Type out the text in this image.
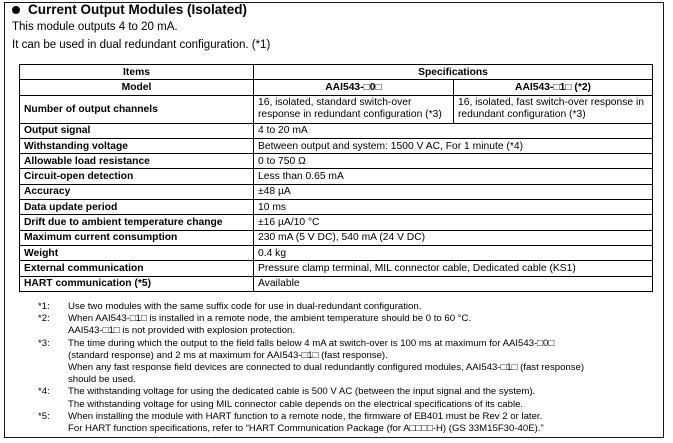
Current Output Modules (Isolated)
This module outputs 4 to 20 mA.
It can be used in dual redundant configuration. (*1)
Items	Specifications	
Model	AAI543-□0□	AAI543-□1□ (*2)
Number of output channels	16, isolated, standard switch-over response in redundant configuration (*3)	16, isolated, fast switch-over response in redundant configuration (*3)
Output signal	4 to 20 mA	
Withstanding voltage	Between output and system: 1500 V AC, For 1 minute (*4)	
Allowable load resistance	0 to 750 Ω	
Circuit-open detection	Less than 0.65 mA	
Accuracy	±48 µA	
Data update period	10 ms	
Drift due to ambient temperature change	±16 µA/10 °C	
Maximum current consumption	230 mA (5 V DC), 540 mA (24 V DC)	
Weight	0.4 kg	
External communication	Pressure clamp terminal, MIL connector cable, Dedicated cable (KS1)	
HART communication (*5)	Available	
*1:	Use two modules with the same suffix code for use in dual-redundant configuration.
*2:	When AAI543-□1□ is installed in a remote node, the ambient temperature should be 0 to 60 °C.
AAI543-□1□ is not provided with explosion protection.
*3:	The time during which the output to the field falls below 4 mA at switch-over is 100 ms at maximum for AAI543-□0□
(standard response) and 2 ms at maximum for AAI543-□1□ (fast response).
When any fast response field devices are connected to dual redundantly configured modules, AAI543-□1□ (fast response)
should be used.
*4:	The withstanding voltage for using the dedicated cable is 500 V AC (between the input signal and the system).
The withstanding voltage for using MIL connector cable depends on the electrical specifications of its cable.
*5:	When installing the module with HART function to a remote node, the firmware of EB401 must be Rev 2 or later.
For HART function specifications, refer to “HART Communication Package (for A□□□□-H) (GS 33M15F30-40E).”
